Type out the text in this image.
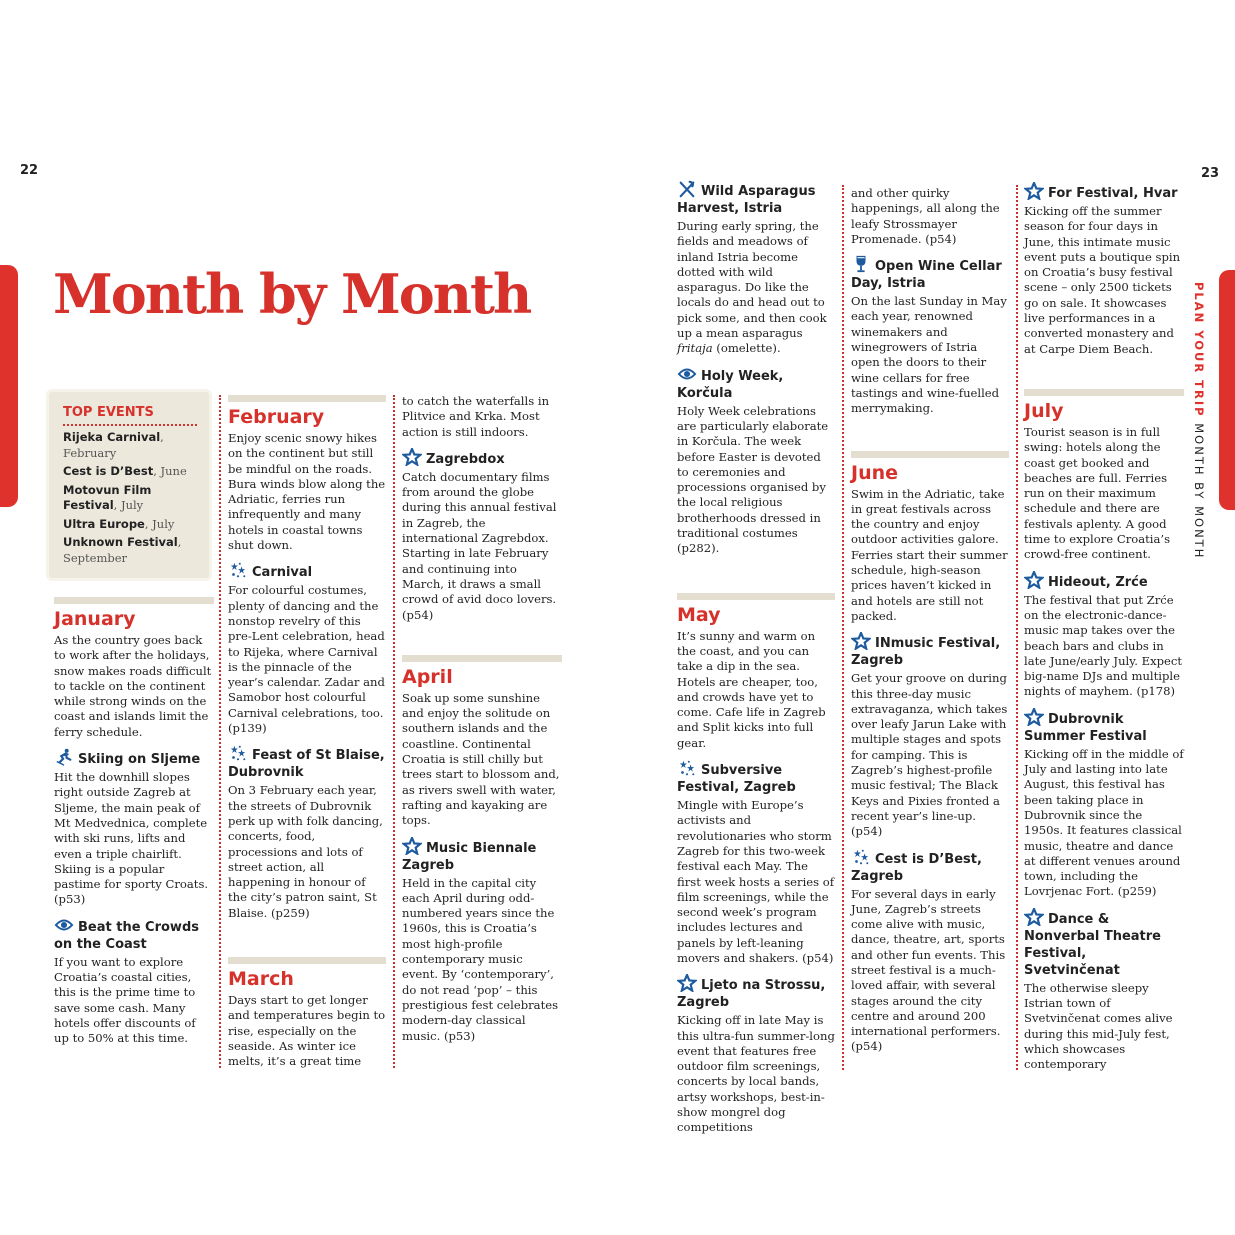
22	23
PLAN YOUR TRIP MONTH BY MONTH
Month by Month
TOP EVENTS
Rijeka Carnival, February
Cest is D’Best, June
Motovun Film Festival, July
Ultra Europe, July
Unknown Festival, September
January

As the country goes back to work after the holidays, snow makes roads difficult to tackle on the continent while strong winds on the coast and islands limit the ferry schedule.

Skiing on Sljeme

Hit the downhill slopes right outside Zagreb at Sljeme, the main peak of Mt Medvednica, complete with ski runs, lifts and even a triple chairlift. Skiing is a popular pastime for sporty Croats. (p53)

Beat the Crowds on the Coast

If you want to explore Croatia’s coastal cities, this is the prime time to save some cash. Many hotels offer discounts of up to 50% at this time.

February

Enjoy scenic snowy hikes on the continent but still be mindful on the roads. Bura winds blow along the Adriatic, ferries run infrequently and many hotels in coastal towns shut down.

Carnival

For colourful costumes, plenty of dancing and the nonstop revelry of this pre-Lent celebration, head to Rijeka, where Carnival is the pinnacle of the year’s calendar. Zadar and Samobor host colourful Carnival celebrations, too. (p139)

Feast of St Blaise, Dubrovnik

On 3 February each year, the streets of Dubrovnik perk up with folk dancing, concerts, food, processions and lots of street action, all happening in honour of the city’s patron saint, St Blaise. (p259)

March

Days start to get longer and temperatures begin to rise, especially on the seaside. As winter ice melts, it’s a great time

to catch the waterfalls in Plitvice and Krka. Most action is still indoors.

Zagrebdox

Catch documentary films from around the globe during this annual festival in Zagreb, the international Zagrebdox. Starting in late February and continuing into March, it draws a small crowd of avid doco lovers. (p54)

April

Soak up some sunshine and enjoy the solitude on southern islands and the coastline. Continental Croatia is still chilly but trees start to blossom and, as rivers swell with water, rafting and kayaking are tops.

Music Biennale Zagreb

Held in the capital city each April during odd-numbered years since the 1960s, this is Croatia’s most high-profile contemporary music event. By ‘contemporary’, do not read ‘pop’ – this prestigious fest celebrates modern-day classical music. (p53)

Wild Asparagus Harvest, Istria

During early spring, the fields and meadows of inland Istria become dotted with wild asparagus. Do like the locals do and head out to pick some, and then cook up a mean asparagus fritaja (omelette).

Holy Week, Korčula

Holy Week celebrations are particularly elaborate in Korčula. The week before Easter is devoted to ceremonies and processions organised by the local religious brotherhoods dressed in traditional costumes (p282).

May

It’s sunny and warm on the coast, and you can take a dip in the sea. Hotels are cheaper, too, and crowds have yet to come. Cafe life in Zagreb and Split kicks into full gear.

Subversive Festival, Zagreb

Mingle with Europe’s activists and revolutionaries who storm Zagreb for this two-week festival each May. The first week hosts a series of film screenings, while the second week’s program includes lectures and panels by left-leaning movers and shakers. (p54)

Ljeto na Strossu, Zagreb

Kicking off in late May is this ultra-fun summer-long event that features free outdoor film screenings, concerts by local bands, artsy workshops, best-in-show mongrel dog competitions

and other quirky happenings, all along the leafy Strossmayer Promenade. (p54)

Open Wine Cellar Day, Istria

On the last Sunday in May each year, renowned winemakers and winegrowers of Istria open the doors to their wine cellars for free tastings and wine-fuelled merrymaking.

June

Swim in the Adriatic, take in great festivals across the country and enjoy outdoor activities galore. Ferries start their summer schedule, high-season prices haven’t kicked in and hotels are still not packed.

INmusic Festival, Zagreb

Get your groove on during this three-day music extravaganza, which takes over leafy Jarun Lake with multiple stages and spots for camping. This is Zagreb’s highest-profile music festival; The Black Keys and Pixies fronted a recent year’s line-up. (p54)

Cest is D’Best, Zagreb

For several days in early June, Zagreb’s streets come alive with music, dance, theatre, art, sports and other fun events. This street festival is a much-loved affair, with several stages around the city centre and around 200 international performers. (p54)

For Festival, Hvar

Kicking off the summer season for four days in June, this intimate music event puts a boutique spin on Croatia’s busy festival scene – only 2500 tickets go on sale. It showcases live performances in a converted monastery and at Carpe Diem Beach.

July

Tourist season is in full swing: hotels along the coast get booked and beaches are full. Ferries run on their maximum schedule and there are festivals aplenty. A good time to explore Croatia’s crowd-free continent.

Hideout, Zrće

The festival that put Zrće on the electronic-dance-music map takes over the beach bars and clubs in late June/early July. Expect big-name DJs and multiple nights of mayhem. (p178)

Dubrovnik Summer Festival

Kicking off in the middle of July and lasting into late August, this festival has been taking place in Dubrovnik since the 1950s. It features classical music, theatre and dance at different venues around town, including the Lovrjenac Fort. (p259)

Dance & Nonverbal Theatre Festival, Svetvinčenat

The otherwise sleepy Istrian town of Svetvinčenat comes alive during this mid-July fest, which showcases contemporary
